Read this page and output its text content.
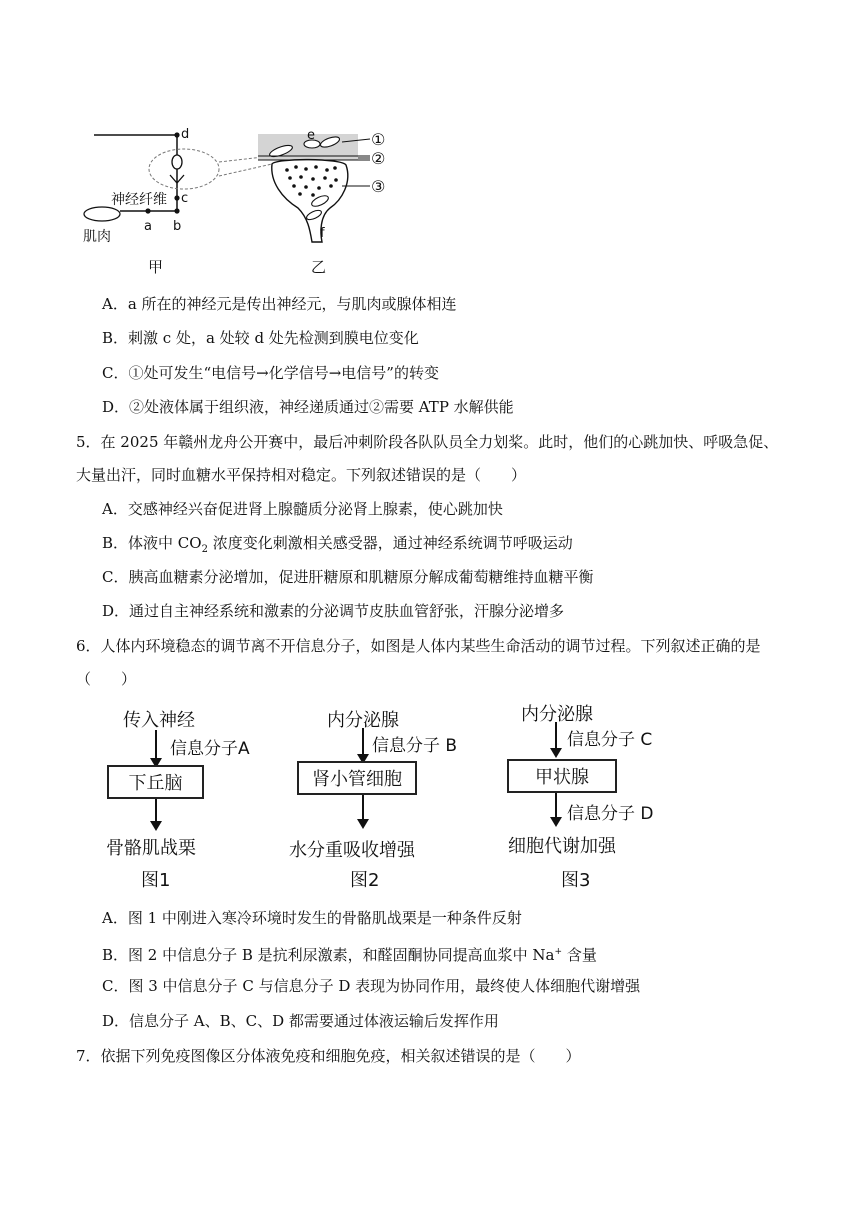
d
c
a b
神经纤维
肌肉
甲
e
f
①
②
③
乙
A．a 所在的神经元是传出神经元，与肌肉或腺体相连
B．刺激 c 处，a 处较 d 处先检测到膜电位变化
C．①处可发生“电信号→化学信号→电信号”的转变
D．②处液体属于组织液，神经递质通过②需要 ATP 水解供能
5．在 2025 年赣州龙舟公开赛中，最后冲刺阶段各队队员全力划桨。此时，他们的心跳加快、呼吸急促、
大量出汗，同时血糖水平保持相对稳定。下列叙述错误的是（　　）
A．交感神经兴奋促进肾上腺髓质分泌肾上腺素，使心跳加快
B．体液中 $CO_2$ 浓度变化刺激相关感受器，通过神经系统调节呼吸运动
C．胰高血糖素分泌增加，促进肝糖原和肌糖原分解成葡萄糖维持血糖平衡
D．通过自主神经系统和激素的分泌调节皮肤血管舒张，汗腺分泌增多
6．人体内环境稳态的调节离不开信息分子，如图是人体内某些生命活动的调节过程。下列叙述正确的是
（　　）
传入神经
信息分子A
下丘脑
骨骼肌战栗
图1
内分泌腺
信息分子 B
肾小管细胞
水分重吸收增强
图2
内分泌腺
信息分子 C
甲状腺
信息分子 D
细胞代谢加强
图3
A．图 1 中刚进入寒冷环境时发生的骨骼肌战栗是一种条件反射
B．图 2 中信息分子 B 是抗利尿激素，和醛固酮协同提高血浆中 Na+ 含量
C．图 3 中信息分子 C 与信息分子 D 表现为协同作用，最终使人体细胞代谢增强
D．信息分子 A、B、C、D 都需要通过体液运输后发挥作用
7．依据下列免疫图像区分体液免疫和细胞免疫，相关叙述错误的是（　　）
